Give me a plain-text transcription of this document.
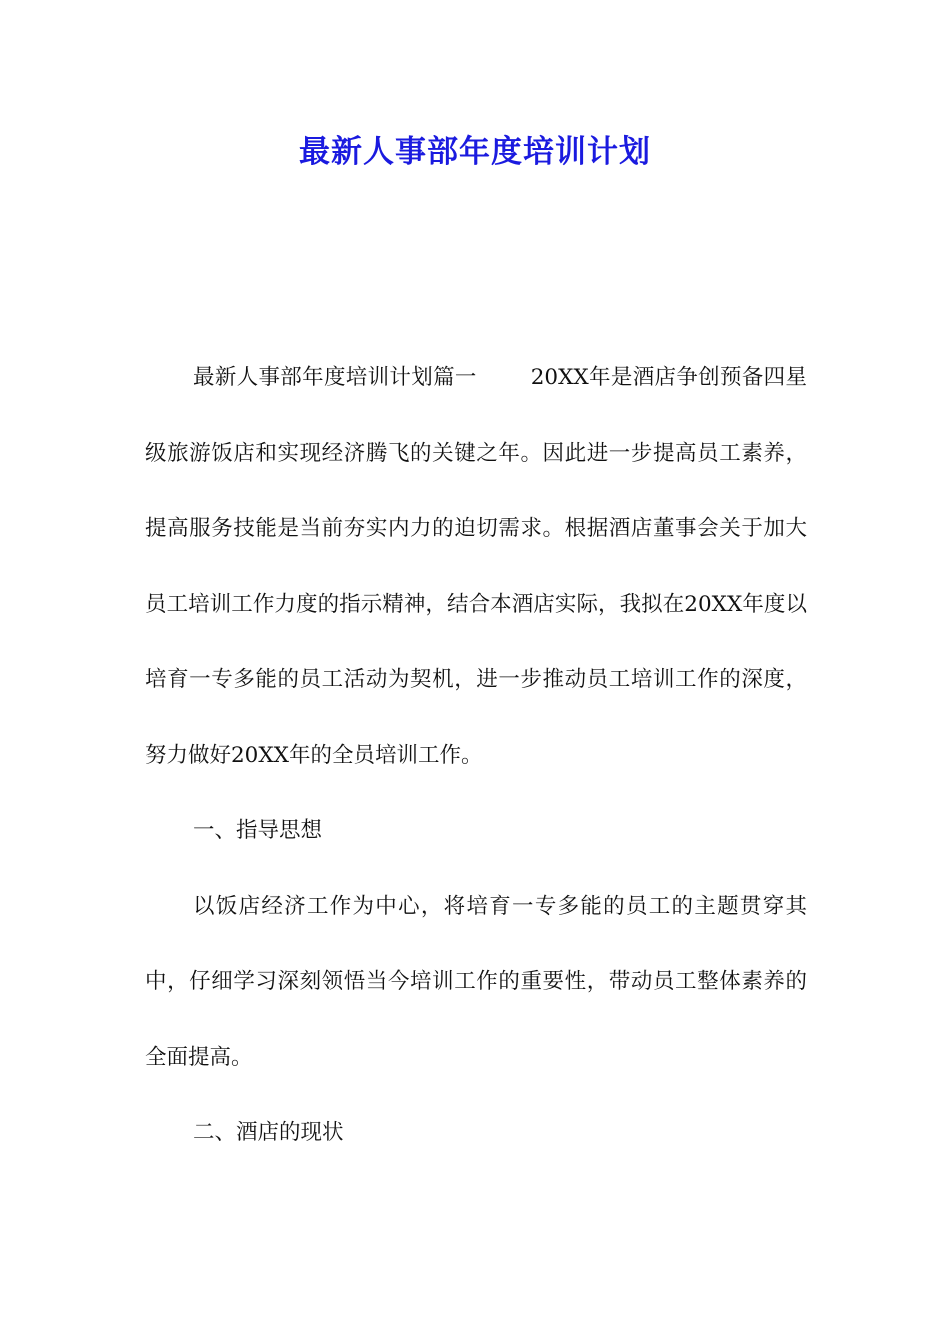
最新人事部年度培训计划

最新人事部年度培训计划篇一	20XX年是酒店争创预备四星级旅游饭店和实现经济腾飞的关键之年。因此进一步提高员工素养，提高服务技能是当前夯实内力的迫切需求。根据酒店董事会关于加大员工培训工作力度的指示精神，结合本酒店实际，我拟在20XX年度以培育一专多能的员工活动为契机，进一步推动员工培训工作的深度，努力做好20XX年的全员培训工作。

一、指导思想

以饭店经济工作为中心，将培育一专多能的员工的主题贯穿其中，仔细学习深刻领悟当今培训工作的重要性，带动员工整体素养的全面提高。

二、酒店的现状
